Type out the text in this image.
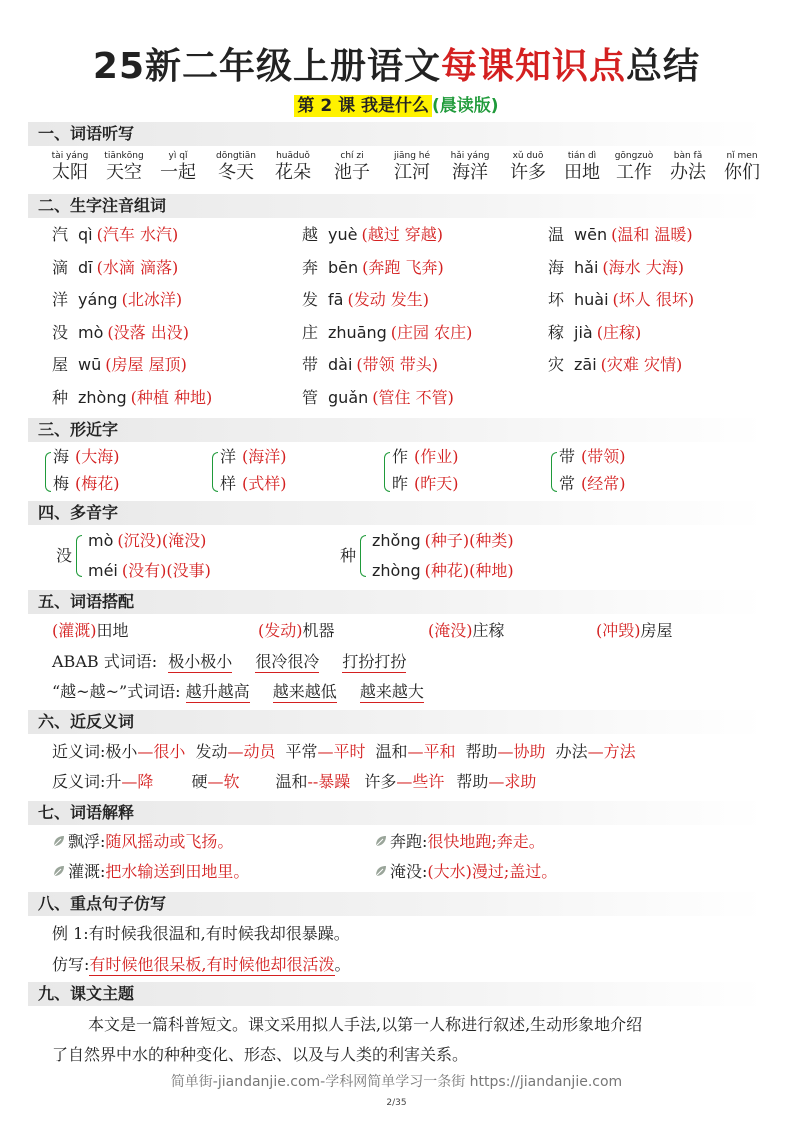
25新二年级上册语文每课知识点总结
第 2 课 我是什么 (晨读版)
一、词语听写
tài yáng
太阳
tiānkōng
天空
yì qǐ
一起
dōngtiān
冬天
huāduǒ
花朵
chí zi
池子
jiāng hé
江河
hǎi yáng
海洋
xǔ duō
许多
tián dì
田地
gōngzuò
工作
bàn fǎ
办法
nǐ men
你们
二、生字注音组词
汽 qì (汽车 水汽)	越 yuè (越过 穿越)	温 wēn (温和 温暖)
滴 dī (水滴 滴落)	奔 bēn (奔跑 飞奔)	海 hǎi (海水 大海)
洋 yáng (北冰洋)	发 fā (发动 发生)	坏 huài (坏人 很坏)
没 mò (没落 出没)	庄 zhuāng (庄园 农庄)	稼 jià (庄稼)
屋 wū (房屋 屋顶)	带 dài (带领 带头)	灾 zāi (灾难 灾情)
种 zhòng (种植 种地)	管 guǎn (管住 不管)
三、形近字
海 (大海)
梅 (梅花)
洋 (海洋)
样 (式样)
作 (作业)
昨 (昨天)
带 (带领)
常 (经常)
四、多音字
没
mò (沉没)(淹没)
méi (没有)(没事)
种
zhǒng (种子)(种类)
zhòng (种花)(种地)
五、词语搭配
(灌溉)田地	(发动)机器	(淹没)庄稼	(冲毁)房屋
ABAB 式词语: 极小极小 很冷很冷 打扮打扮
“越~越~”式词语: 越升越高 越来越低 越来越大
六、近反义词
近义词:极小—很小 发动—动员 平常—平时 温和—平和 帮助—协助 办法—方法
反义词:升—降 硬—软 温和--暴躁 许多—些许 帮助—求助
七、词语解释
飘浮:随风摇动或飞扬。	奔跑:很快地跑;奔走。
灌溉:把水输送到田地里。	淹没:(大水)漫过;盖过。
八、重点句子仿写
例 1:有时候我很温和,有时候我却很暴躁。
仿写:有时候他很呆板,有时候他却很活泼。
九、课文主题
本文是一篇科普短文。课文采用拟人手法,以第一人称进行叙述,生动形象地介绍
了自然界中水的种种变化、形态、以及与人类的利害关系。
简单街-jiandanjie.com-学科网简单学习一条街 https://jiandanjie.com
2/35
